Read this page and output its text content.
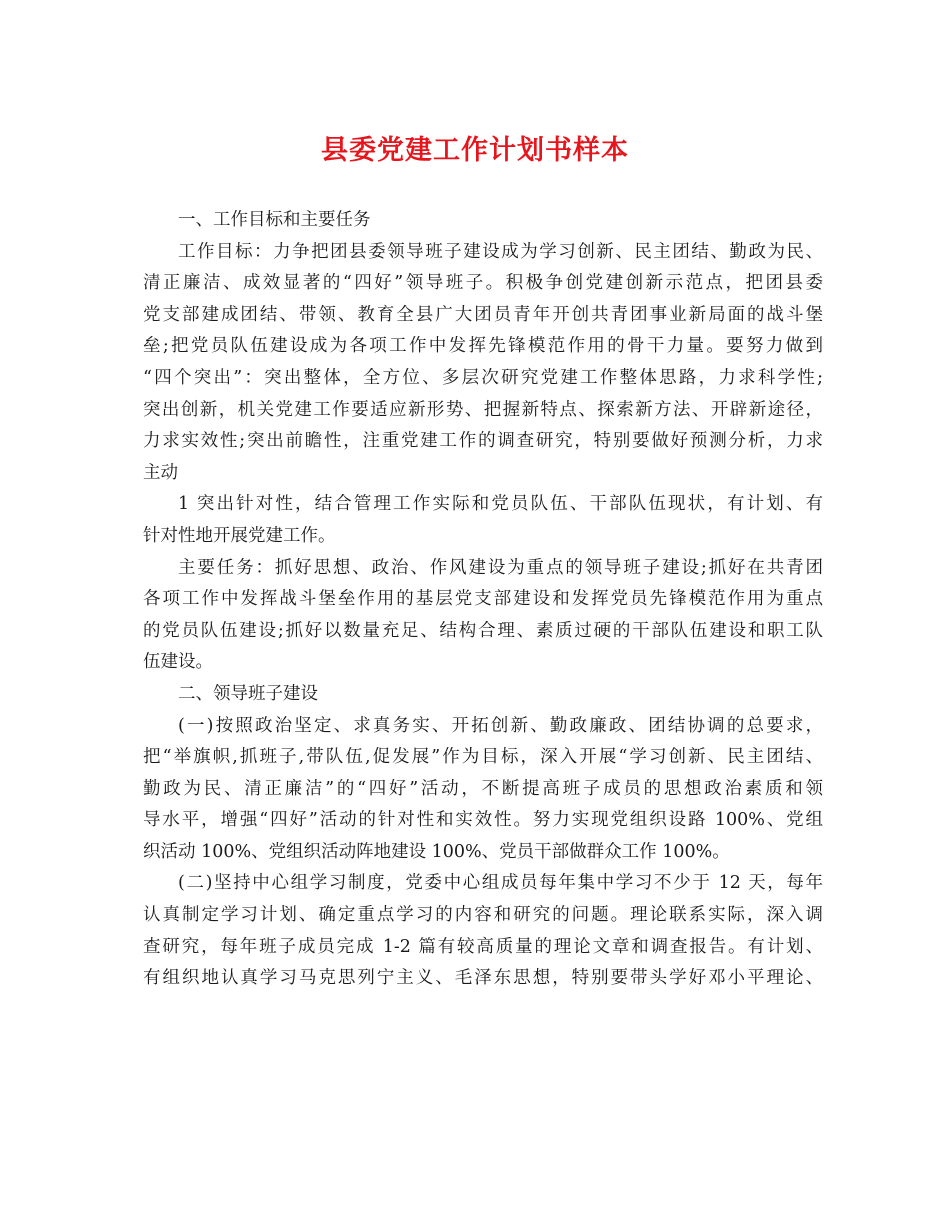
县委党建工作计划书样本
一、工作目标和主要任务
工作目标：力争把团县委领导班子建设成为学习创新、民主团结、勤政为民、
清正廉洁、成效显著的“四好”领导班子。积极争创党建创新示范点，把团县委
党支部建成团结、带领、教育全县广大团员青年开创共青团事业新局面的战斗堡
垒;把党员队伍建设成为各项工作中发挥先锋模范作用的骨干力量。要努力做到
“四个突出”：突出整体，全方位、多层次研究党建工作整体思路，力求科学性;
突出创新，机关党建工作要适应新形势、把握新特点、探索新方法、开辟新途径，
力求实效性;突出前瞻性，注重党建工作的调查研究，特别要做好预测分析，力求
主动
1 突出针对性，结合管理工作实际和党员队伍、干部队伍现状，有计划、有
针对性地开展党建工作。
主要任务：抓好思想、政治、作风建设为重点的领导班子建设;抓好在共青团
各项工作中发挥战斗堡垒作用的基层党支部建设和发挥党员先锋模范作用为重点
的党员队伍建设;抓好以数量充足、结构合理、素质过硬的干部队伍建设和职工队
伍建设。
二、领导班子建设
(一)按照政治坚定、求真务实、开拓创新、勤政廉政、团结协调的总要求，
把“举旗帜,抓班子,带队伍,促发展”作为目标，深入开展“学习创新、民主团结、
勤政为民、清正廉洁”的“四好”活动，不断提高班子成员的思想政治素质和领
导水平，增强“四好”活动的针对性和实效性。努力实现党组织设路 100%、党组
织活动 100%、党组织活动阵地建设 100%、党员干部做群众工作 100%。
(二)坚持中心组学习制度，党委中心组成员每年集中学习不少于 12 天，每年
认真制定学习计划、确定重点学习的内容和研究的问题。理论联系实际，深入调
查研究，每年班子成员完成 1-2 篇有较高质量的理论文章和调查报告。有计划、
有组织地认真学习马克思列宁主义、毛泽东思想，特别要带头学好邓小平理论、
